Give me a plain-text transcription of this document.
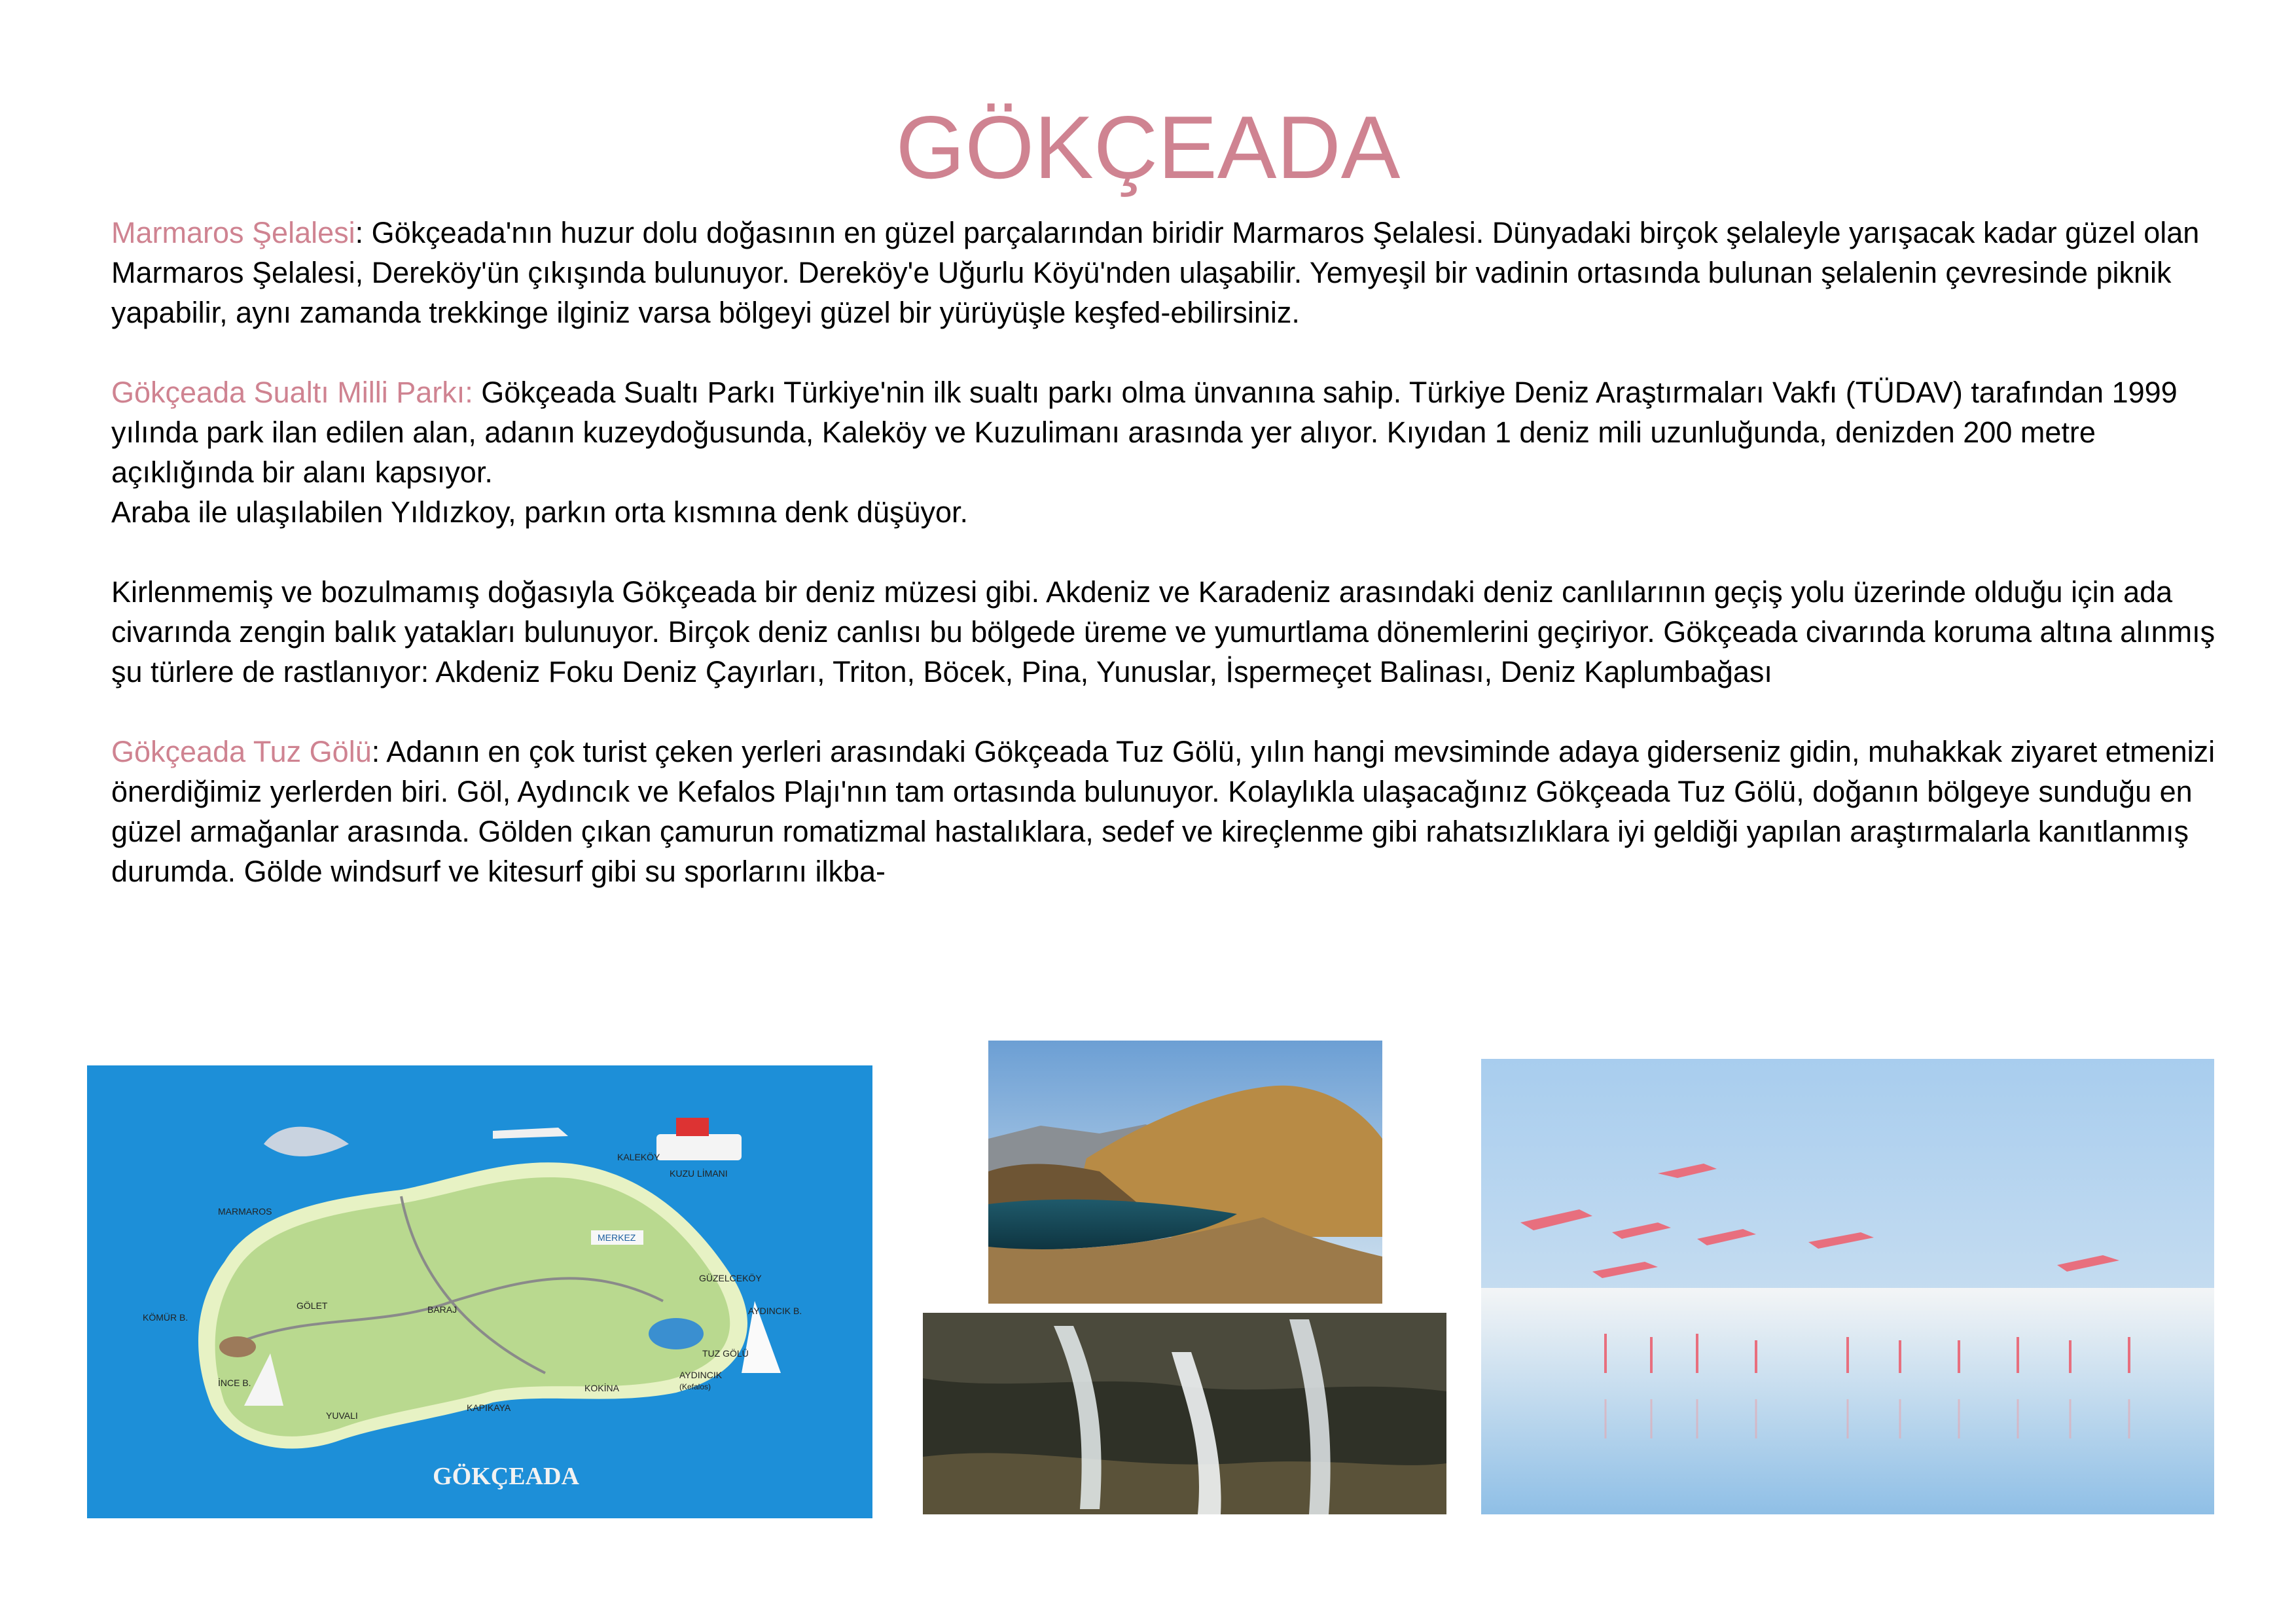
GÖKÇEADA

Marmaros Şelalesi: Gökçeada'nın huzur dolu doğasının en güzel parçalarından biridir Marmaros Şelalesi. Dünyadaki birçok şelaleyle yarışacak kadar güzel olan Marmaros Şelalesi, Dereköy'ün çıkışında bulunuyor. Dereköy'e Uğurlu Köyü'nden ulaşabilir. Yemyeşil bir vadinin ortasında bulunan şelalenin çevresinde piknik yapabilir, aynı zamanda trekkinge ilginiz varsa bölgeyi güzel bir yürüyüşle keşfed-ebilirsiniz.

Gökçeada Sualtı Milli Parkı: Gökçeada Sualtı Parkı Türkiye'nin ilk sualtı parkı olma ünvanına sahip. Türkiye Deniz Araştırmaları Vakfı (TÜDAV) tarafından 1999 yılında park ilan edilen alan, adanın kuzeydoğusunda, Kaleköy ve Kuzulimanı arasında yer alıyor. Kıyıdan 1 deniz mili uzunluğunda, denizden 200 metre açıklığında bir alanı kapsıyor.

Araba ile ulaşılabilen Yıldızkoy, parkın orta kısmına denk düşüyor.

Kirlenmemiş ve bozulmamış doğasıyla Gökçeada bir deniz müzesi gibi. Akdeniz ve Karadeniz arasındaki deniz canlılarının geçiş yolu üzerinde olduğu için ada civarında zengin balık yatakları bulunuyor. Birçok deniz canlısı bu bölgede üreme ve yumurtlama dönemlerini geçiriyor. Gökçeada civarında koruma altına alınmış şu türlere de rastlanıyor: Akdeniz Foku Deniz Çayırları, Triton, Böcek, Pina, Yunuslar, İspermeçet Balinası, Deniz Kaplumbağası

Gökçeada Tuz Gölü: Adanın en çok turist çeken yerleri arasındaki Gökçeada Tuz Gölü, yılın hangi mevsiminde adaya giderseniz gidin, muhakkak ziyaret etmenizi önerdiğimiz yerlerden biri. Göl, Aydıncık ve Kefalos Plajı'nın tam ortasında bulunuyor. Kolaylıkla ulaşacağınız Gökçeada Tuz Gölü, doğanın bölgeye sunduğu en güzel armağanlar arasında. Gölden çıkan çamurun romatizmal hastalıklara, sedef ve kireçlenme gibi rahatsızlıklara iyi geldiği yapılan araştırmalarla kanıtlanmış durumda. Gölde windsurf ve kitesurf gibi su sporlarını ilkba-

MARMAROS
KALEKÖY
KUZU LİMANI
MERKEZ
GÜZELCEKÖY
AYDINCIK B.
KÖMÜR B.
GÖLET	BARAJ
TUZ GÖLÜ
AYDINCIK
(Kefalos)
KOKİNA
YUVALI
KAPIKAYA
İNCE B.
GÖKÇEADA
